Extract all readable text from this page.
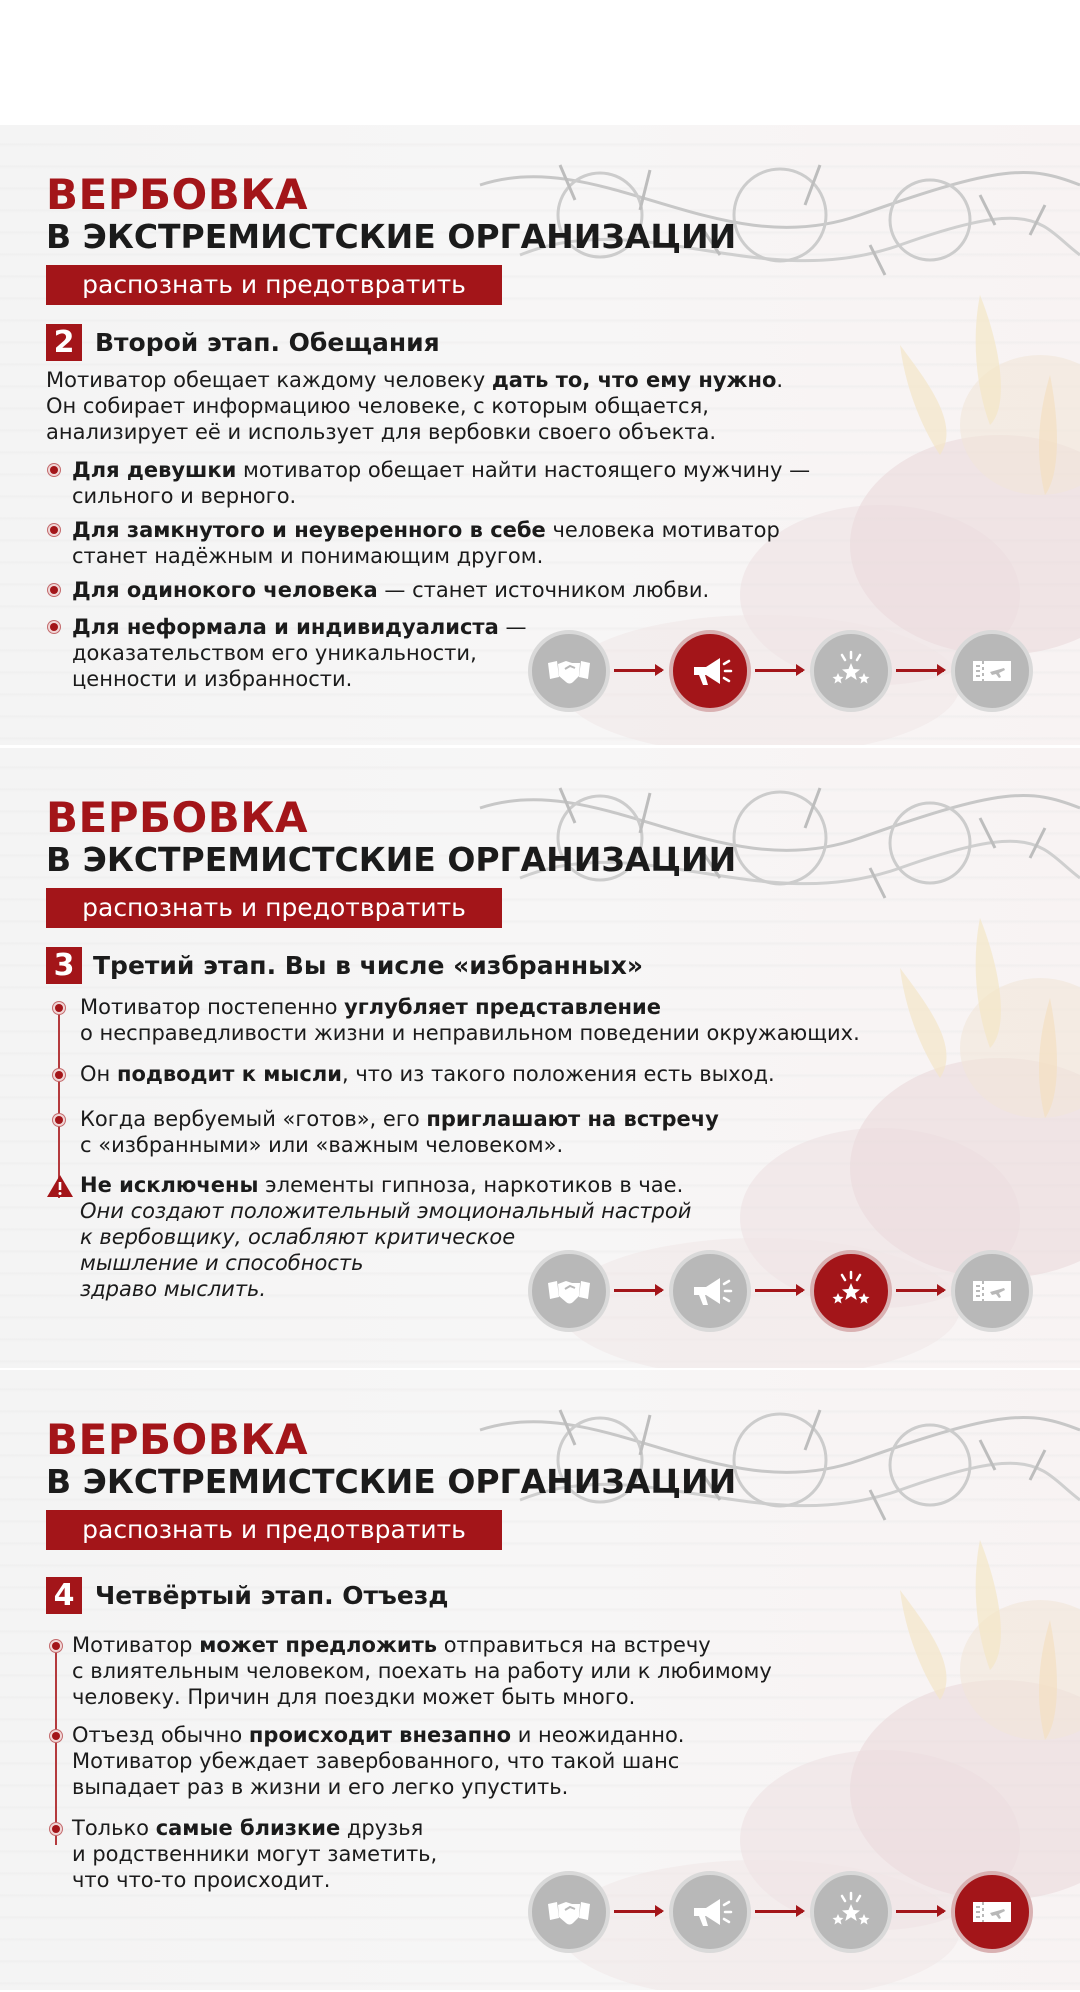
ВЕРБОВКА
В ЭКСТРЕМИСТСКИЕ ОРГАНИЗАЦИИ
распознать и предотвратить
2 Второй этап. Обещания
Мотиватор обещает каждому человеку дать то, что ему нужно.
Он собирает информациюо человеке, с которым общается,
анализирует её и использует для вербовки своего объекта.
Для девушки мотиватор обещает найти настоящего мужчину —
сильного и верного.
Для замкнутого и неуверенного в себе человека мотиватор
станет надёжным и понимающим другом.
Для одинокого человека — станет источником любви.
Для неформала и индивидуалиста —
доказательством его уникальности,
ценности и избранности.
ВЕРБОВКА
В ЭКСТРЕМИСТСКИЕ ОРГАНИЗАЦИИ
распознать и предотвратить
3 Третий этап. Вы в числе «избранных»
Мотиватор постепенно углубляет представление
о несправедливости жизни и неправильном поведении окружающих.
Он подводит к мысли, что из такого положения есть выход.
Когда вербуемый «готов», его приглашают на встречу
с «избранными» или «важным человеком».
Не исключены элементы гипноза, наркотиков в чае.
Они создают положительный эмоциональный настрой
к вербовщику, ослабляют критическое
мышление и способность
здраво мыслить.
ВЕРБОВКА
В ЭКСТРЕМИСТСКИЕ ОРГАНИЗАЦИИ
распознать и предотвратить
4 Четвёртый этап. Отъезд
Мотиватор может предложить отправиться на встречу
с влиятельным человеком, поехать на работу или к любимому
человеку. Причин для поездки может быть много.
Отъезд обычно происходит внезапно и неожиданно.
Мотиватор убеждает завербованного, что такой шанс
выпадает раз в жизни и его легко упустить.
Только самые близкие друзья
и родственники могут заметить,
что что-то происходит.
